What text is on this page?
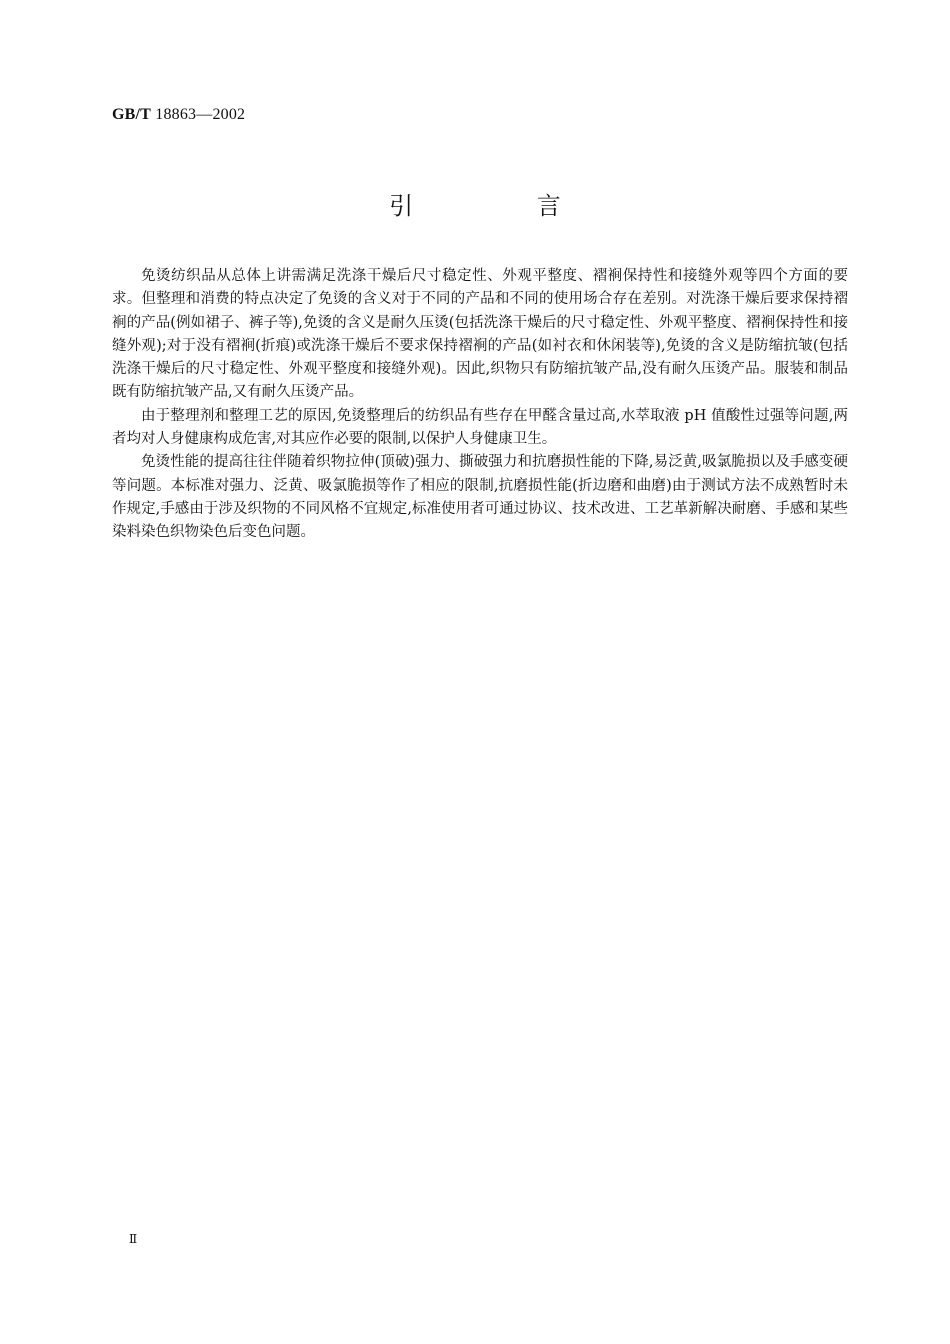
GB/T 18863—2002
引 言

免烫纺织品从总体上讲需满足洗涤干燥后尺寸稳定性、外观平整度、褶裥保持性和接缝外观等四个方面的要求。但整理和消费的特点决定了免烫的含义对于不同的产品和不同的使用场合存在差别。对洗涤干燥后要求保持褶裥的产品(例如裙子、裤子等),免烫的含义是耐久压烫(包括洗涤干燥后的尺寸稳定性、外观平整度、褶裥保持性和接缝外观);对于没有褶裥(折痕)或洗涤干燥后不要求保持褶裥的产品(如衬衣和休闲装等),免烫的含义是防缩抗皱(包括洗涤干燥后的尺寸稳定性、外观平整度和接缝外观)。因此,织物只有防缩抗皱产品,没有耐久压烫产品。服装和制品既有防缩抗皱产品,又有耐久压烫产品。

由于整理剂和整理工艺的原因,免烫整理后的纺织品有些存在甲醛含量过高,水萃取液 pH 值酸性过强等问题,两者均对人身健康构成危害,对其应作必要的限制,以保护人身健康卫生。

免烫性能的提高往往伴随着织物拉伸(顶破)强力、撕破强力和抗磨损性能的下降,易泛黄,吸氯脆损以及手感变硬等问题。本标准对强力、泛黄、吸氯脆损等作了相应的限制,抗磨损性能(折边磨和曲磨)由于测试方法不成熟暂时未作规定,手感由于涉及织物的不同风格不宜规定,标准使用者可通过协议、技术改进、工艺革新解决耐磨、手感和某些染料染色织物染色后变色问题。

Ⅱ
